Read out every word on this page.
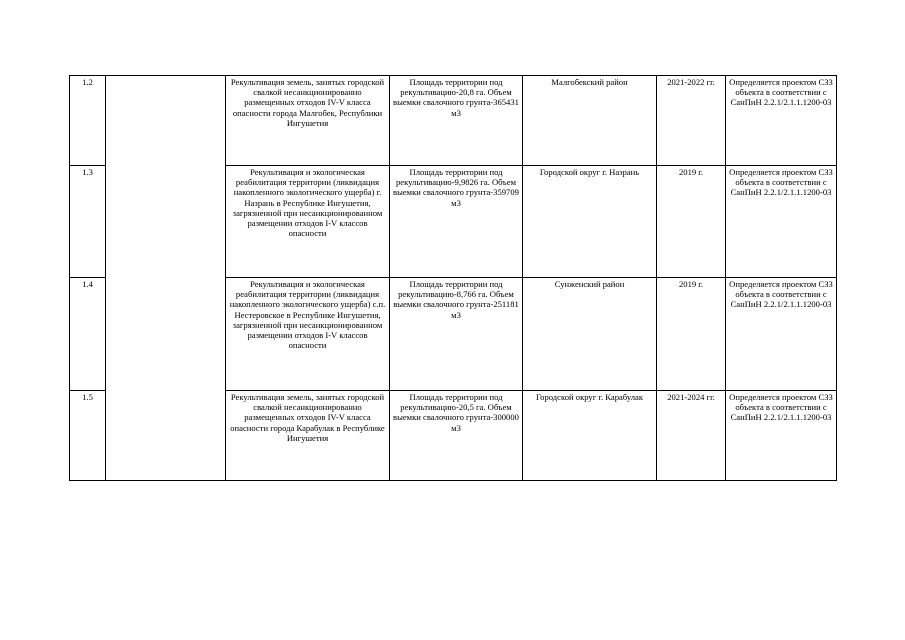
1.2		Рекультивация земель, занятых городской свалкой несанкционированно размещенных отходов IV-V класса опасности города Малгобек, Республики Ингушетия	Площадь территории под рекультивацию-20,8 га. Объем выемки свалочного грунта-365431 м3	Малгобекский район	2021-2022 гг.	Определяется проектом СЗЗ объекта в соответствии с СанПиН 2.2.1/2.1.1.1200-03
1.3		Рекультивация и экологическая реабилитация территории (ликвидация накопленного экологического ущерба) г. Назрань в Республике Ингушетия, загрязненной при несанкционированном размещении отходов I-V классов опасности	Площадь территории под рекультивацию-9,9826 га. Объем выемки свалочного грунта-359709 м3	Городской округ г. Назрань	2019 г.	Определяется проектом СЗЗ объекта в соответствии с СанПиН 2.2.1/2.1.1.1200-03
1.4		Рекультивация и экологическая реабилитация территории (ликвидация накопленного экологического ущерба) с.п. Нестеровское в Республике Ингушетия, загрязненной при несанкционированном размещении отходов I-V классов опасности	Площадь территории под рекультивацию-8,766 га. Объем выемки свалочного грунта-251181 м3	Сунженский район	2019 г.	Определяется проектом СЗЗ объекта в соответствии с СанПиН 2.2.1/2.1.1.1200-03
1.5		Рекультивация земель, занятых городской свалкой несанкционированно размещенных отходов IV-V класса опасности города Карабулак в Республике Ингушетия	Площадь территории под рекультивацию-20,5 га. Объем выемки свалочного грунта-300000 м3	Городской округ г. Карабулак	2021-2024 гг.	Определяется проектом СЗЗ объекта в соответствии с СанПиН 2.2.1/2.1.1.1200-03
